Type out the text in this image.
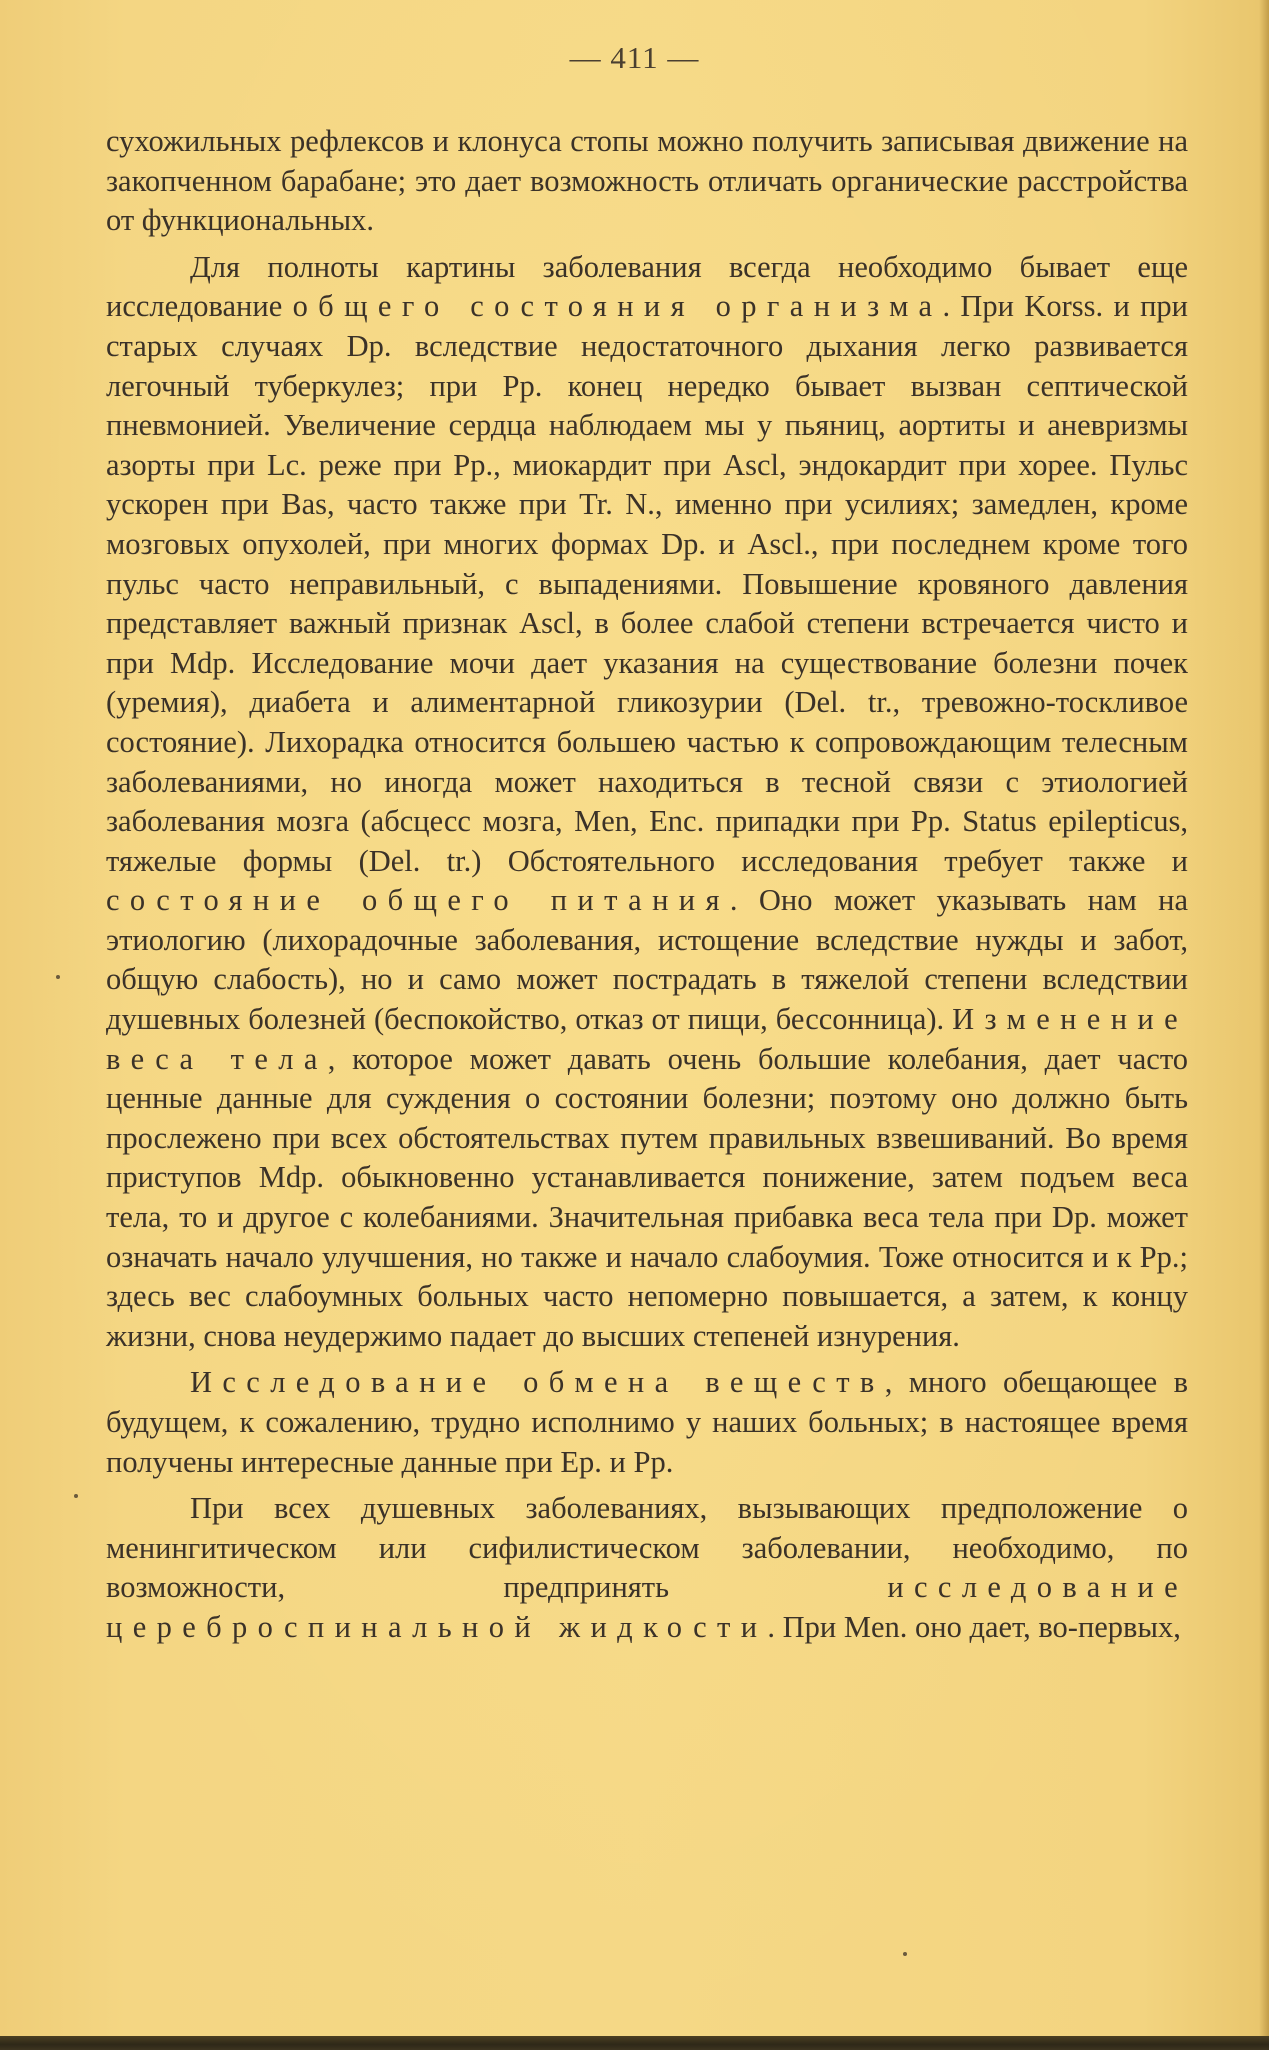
— 411 —

сухожильных рефлексов и клонуса стопы можно получить записывая движение на закопченном барабане; это дает возможность отличать органические расстройства от функциональных.

Для полноты картины заболевания всегда необходимо бывает еще исследование общего состояния организма. При Korss. и при старых случаях Dp. вследствие недостаточного дыхания легко развивается легочный туберкулез; при Pp. конец нередко бывает вызван септической пневмонией. Увеличение сердца наблюдаем мы у пьяниц, аортиты и аневризмы азорты при Lc. реже при Pp., миокардит при Ascl, эндокардит при хорее. Пульс ускорен при Bas, часто также при Tr. N., именно при усилиях; замедлен, кроме мозговых опухолей, при многих формах Dp. и Ascl., при последнем кроме того пульс часто неправильный, с выпадениями. Повышение кровяного давления представляет важный признак Ascl, в более слабой степени встречается чисто и при Mdp. Исследование мочи дает указания на существование болезни почек (уремия), диабета и алиментарной гликозурии (Del. tr., тревожно-тоскливое состояние). Лихорадка относится большею частью к сопровождающим телесным заболеваниями, но иногда может находиться в тесной связи с этиологией заболевания мозга (абсцесс мозга, Men, Enc. припадки при Pp. Status epilepticus, тяжелые формы (Del. tr.) Обстоятельного исследования требует также и состояние общего питания. Оно может указывать нам на этиологию (лихорадочные заболевания, истощение вследствие нужды и забот, общую слабость), но и само может пострадать в тяжелой степени вследствии душевных болезней (беспокойство, отказ от пищи, бессонница). Изменение веса тела, которое может давать очень большие колебания, дает часто ценные данные для суждения о состоянии болезни; поэтому оно должно быть прослежено при всех обстоятельствах путем правильных взвешиваний. Во время приступов Mdp. обыкновенно устанавливается понижение, затем подъем веса тела, то и другое с колебаниями. Значительная прибавка веса тела при Dp. может означать начало улучшения, но также и начало слабоумия. Тоже относится и к Pp.; здесь вес слабоумных больных часто непомерно повышается, а затем, к концу жизни, снова неудержимо падает до высших степеней изнурения.

Исследование обмена веществ, много обещающее в будущем, к сожалению, трудно исполнимо у наших больных; в настоящее время получены интересные данные при Ep. и Pp.

При всех душевных заболеваниях, вызывающих предположение о менингитическом или сифилистическом заболевании, необходимо, по возможности, предпринять исследование цереброспинальной жидкости. При Men. оно дает, во-первых,
